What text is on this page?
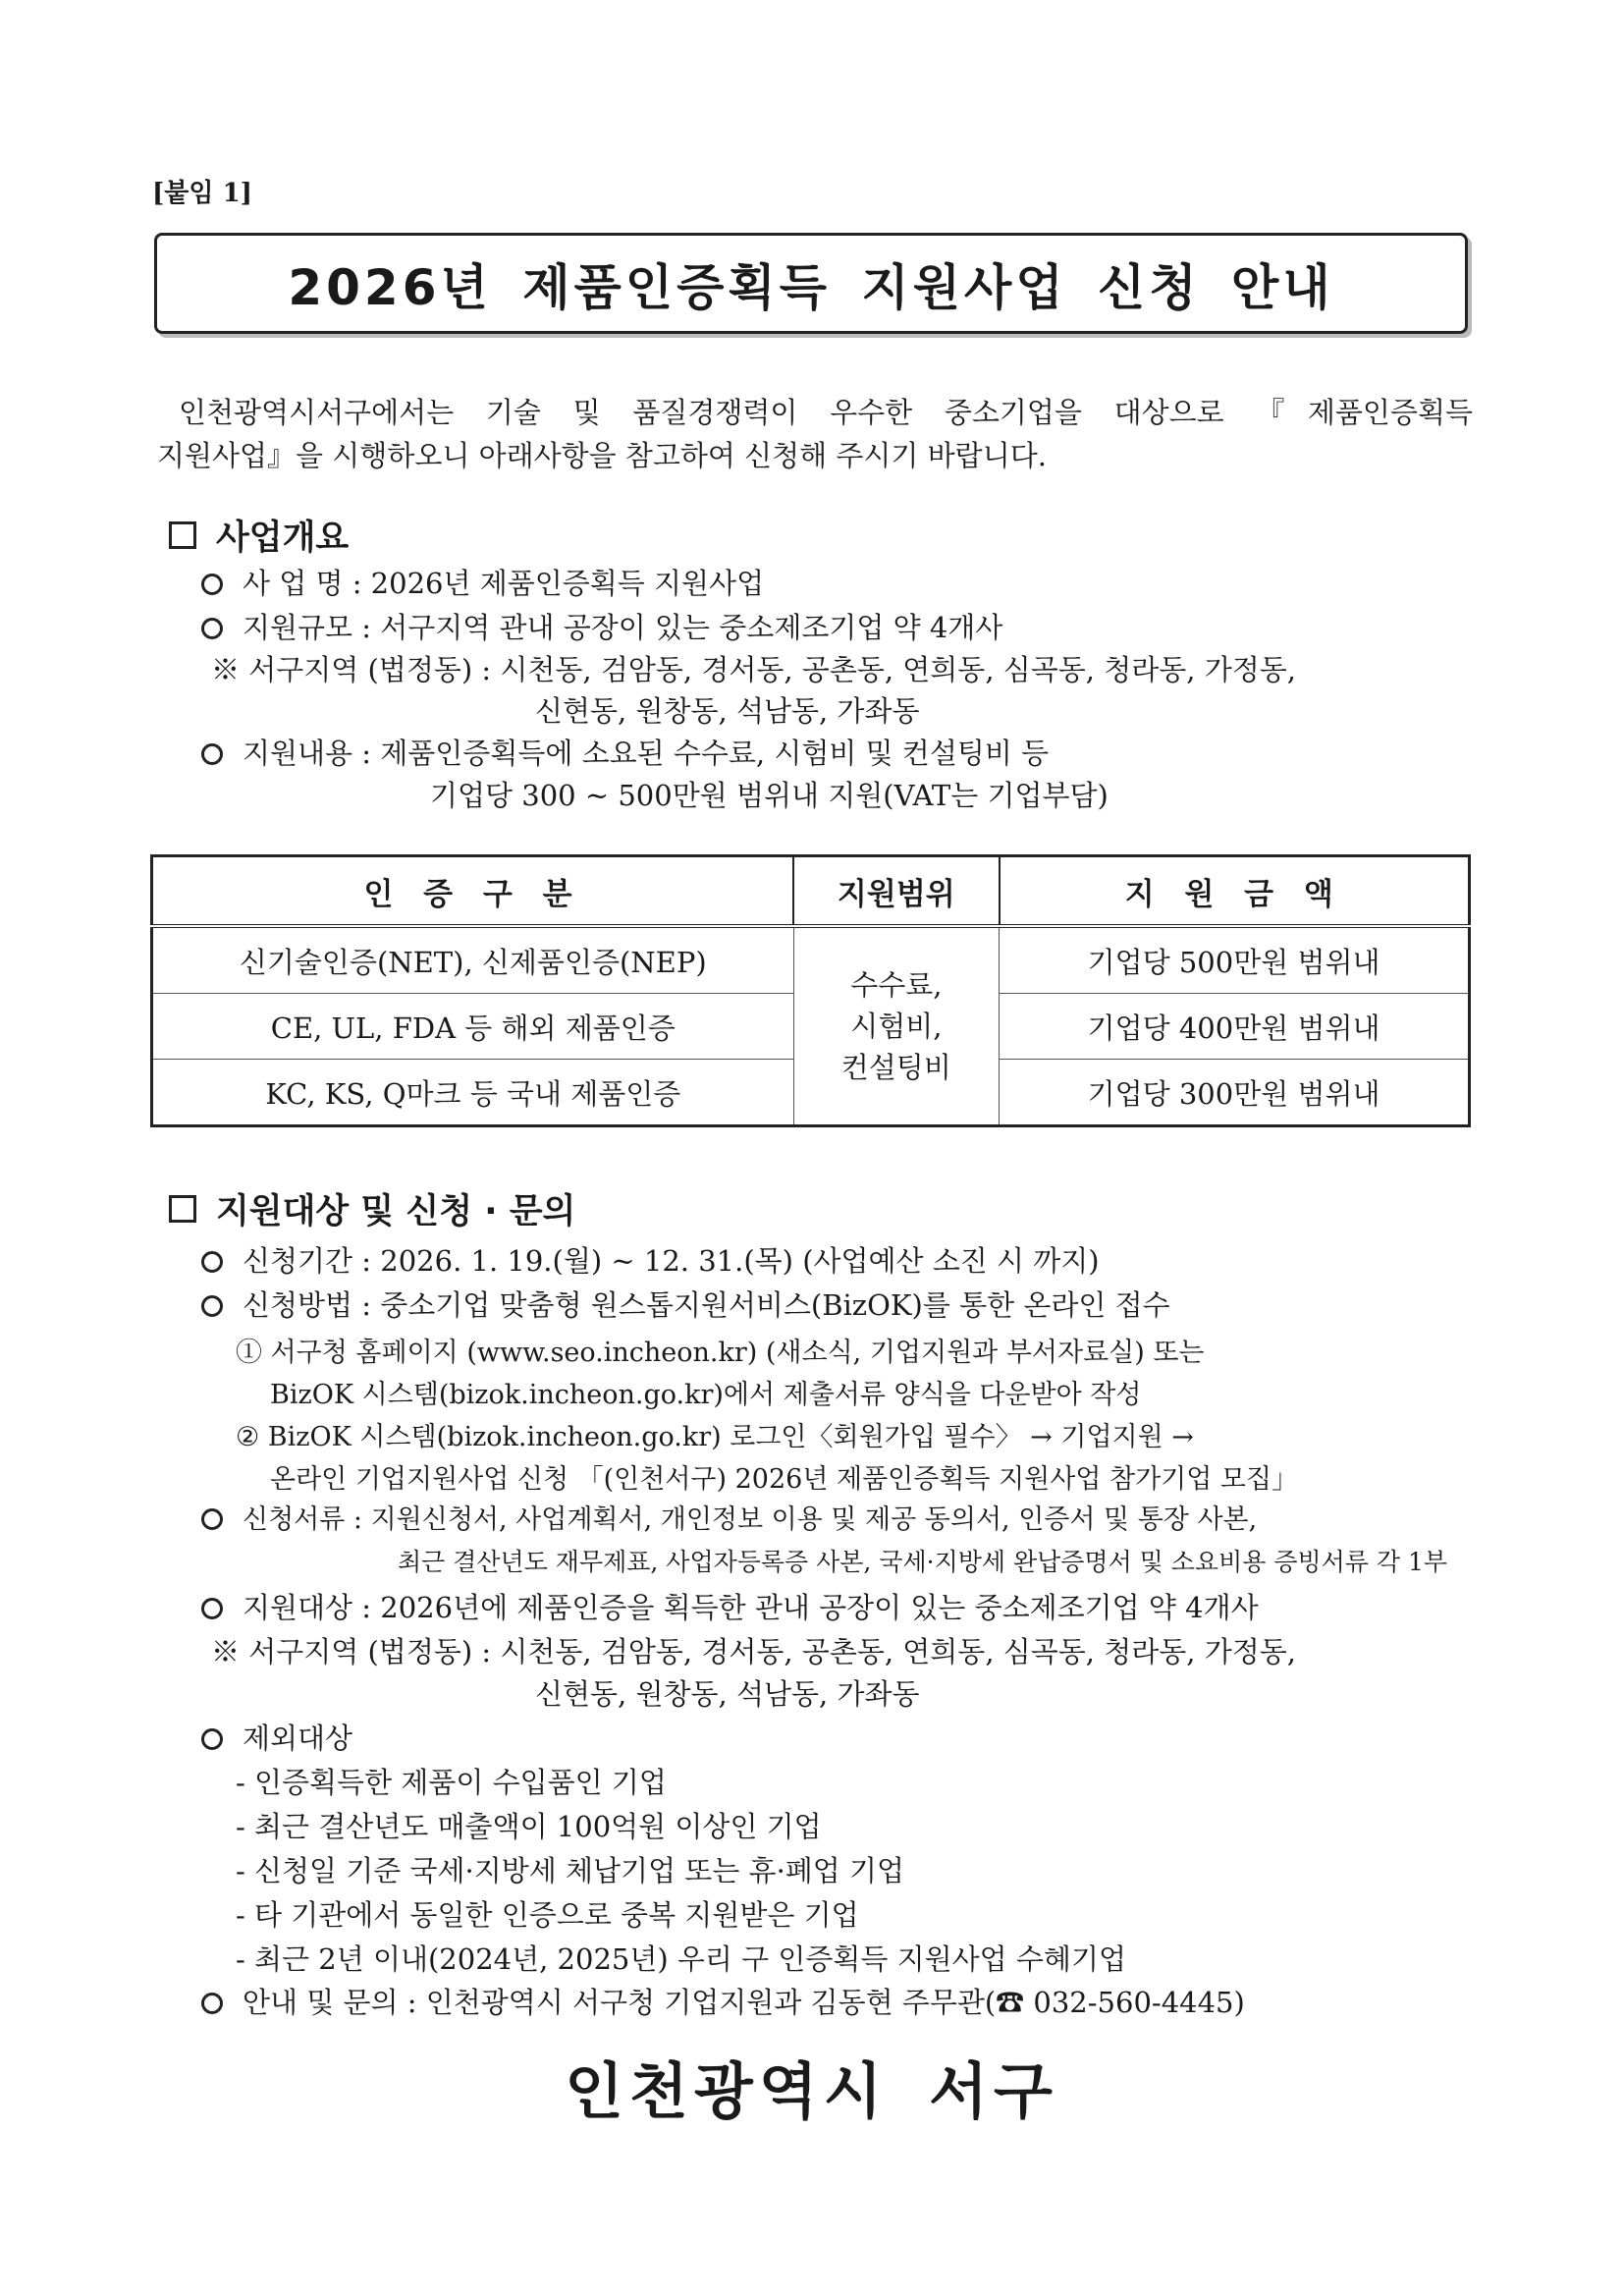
[붙임 1]
2026년 제품인증획득 지원사업 신청 안내

인천광역시서구에서는 기술 및 품질경쟁력이 우수한 중소기업을 대상으로 『제품인증획득

지원사업』을 시행하오니 아래사항을 참고하여 신청해 주시기 바랍니다.

사업개요
사 업 명 : 2026년 제품인증획득 지원사업
지원규모 : 서구지역 관내 공장이 있는 중소제조기업 약 4개사
※ 서구지역 (법정동) : 시천동, 검암동, 경서동, 공촌동, 연희동, 심곡동, 청라동, 가정동,
신현동, 원창동, 석남동, 가좌동
지원내용 : 제품인증획득에 소요된 수수료, 시험비 및 컨설팅비 등
기업당 300 ~ 500만원 범위내 지원(VAT는 기업부담)
인 증 구 분	지원범위	지 원 금 액
신기술인증(NET), 신제품인증(NEP)	수수료,
시험비,
컨설팅비	기업당 500만원 범위내
CE, UL, FDA 등 해외 제품인증		기업당 400만원 범위내
KC, KS, Q마크 등 국내 제품인증		기업당 300만원 범위내
지원대상 및 신청 · 문의
신청기간 : 2026. 1. 19.(월) ~ 12. 31.(목) (사업예산 소진 시 까지)
신청방법 : 중소기업 맞춤형 원스톱지원서비스(BizOK)를 통한 온라인 접수
① 서구청 홈페이지 (www.seo.incheon.kr) (새소식, 기업지원과 부서자료실) 또는
BizOK 시스템(bizok.incheon.go.kr)에서 제출서류 양식을 다운받아 작성
② BizOK 시스템(bizok.incheon.go.kr) 로그인〈회원가입 필수〉 → 기업지원 →
온라인 기업지원사업 신청 「(인천서구) 2026년 제품인증획득 지원사업 참가기업 모집」
신청서류 : 지원신청서, 사업계획서, 개인정보 이용 및 제공 동의서, 인증서 및 통장 사본,
최근 결산년도 재무제표, 사업자등록증 사본, 국세·지방세 완납증명서 및 소요비용 증빙서류 각 1부
지원대상 : 2026년에 제품인증을 획득한 관내 공장이 있는 중소제조기업 약 4개사
※ 서구지역 (법정동) : 시천동, 검암동, 경서동, 공촌동, 연희동, 심곡동, 청라동, 가정동,
신현동, 원창동, 석남동, 가좌동
제외대상
- 인증획득한 제품이 수입품인 기업
- 최근 결산년도 매출액이 100억원 이상인 기업
- 신청일 기준 국세·지방세 체납기업 또는 휴·폐업 기업
- 타 기관에서 동일한 인증으로 중복 지원받은 기업
- 최근 2년 이내(2024년, 2025년) 우리 구 인증획득 지원사업 수혜기업
안내 및 문의 : 인천광역시 서구청 기업지원과 김동현 주무관(☎ 032-560-4445)
인천광역시 서구
